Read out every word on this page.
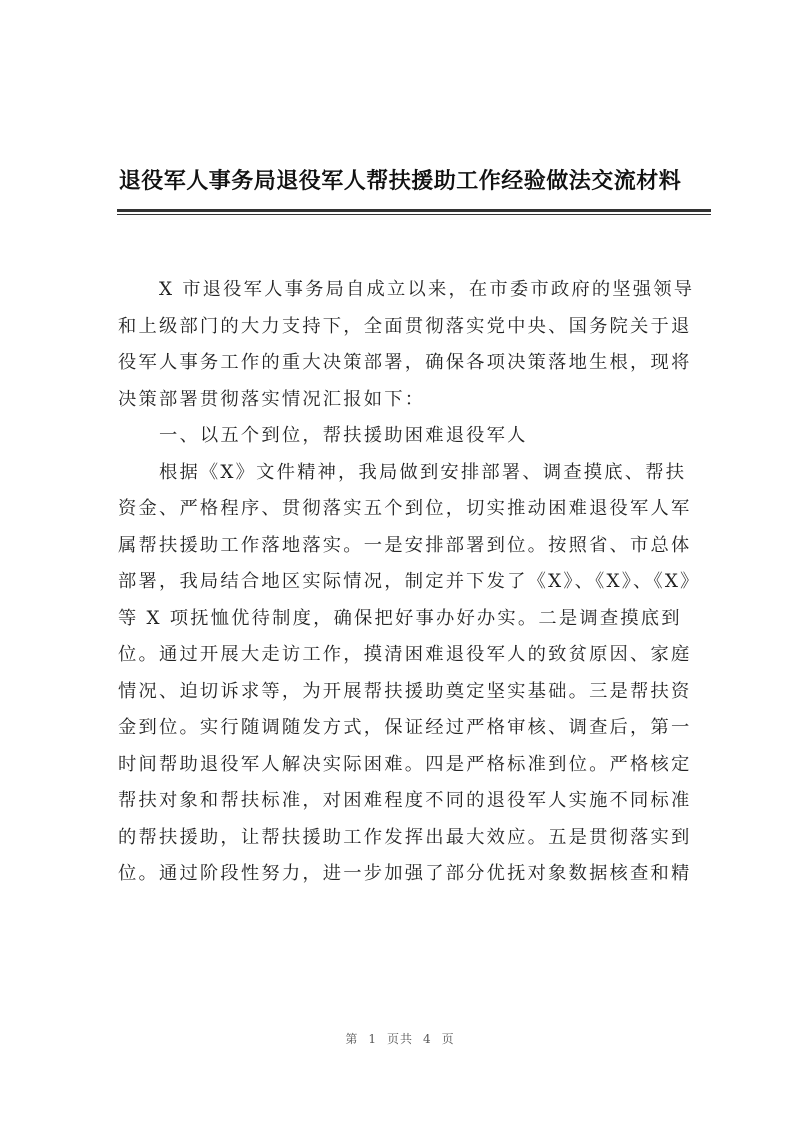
退役军人事务局退役军人帮扶援助工作经验做法交流材料
　　X 市退役军人事务局自成立以来，在市委市政府的坚强领导
和上级部门的大力支持下，全面贯彻落实党中央、国务院关于退
役军人事务工作的重大决策部署，确保各项决策落地生根，现将
决策部署贯彻落实情况汇报如下：
　　一、以五个到位，帮扶援助困难退役军人
　　根据《X》文件精神，我局做到安排部署、调查摸底、帮扶
资金、严格程序、贯彻落实五个到位，切实推动困难退役军人军
属帮扶援助工作落地落实。一是安排部署到位。按照省、市总体
部署，我局结合地区实际情况，制定并下发了《X》、《X》、《X》
等 X 项抚恤优待制度，确保把好事办好办实。二是调查摸底到
位。通过开展大走访工作，摸清困难退役军人的致贫原因、家庭
情况、迫切诉求等，为开展帮扶援助奠定坚实基础。三是帮扶资
金到位。实行随调随发方式，保证经过严格审核、调查后，第一
时间帮助退役军人解决实际困难。四是严格标准到位。严格核定
帮扶对象和帮扶标准，对困难程度不同的退役军人实施不同标准
的帮扶援助，让帮扶援助工作发挥出最大效应。五是贯彻落实到
位。通过阶段性努力，进一步加强了部分优抚对象数据核查和精
第 1 页共 4 页
